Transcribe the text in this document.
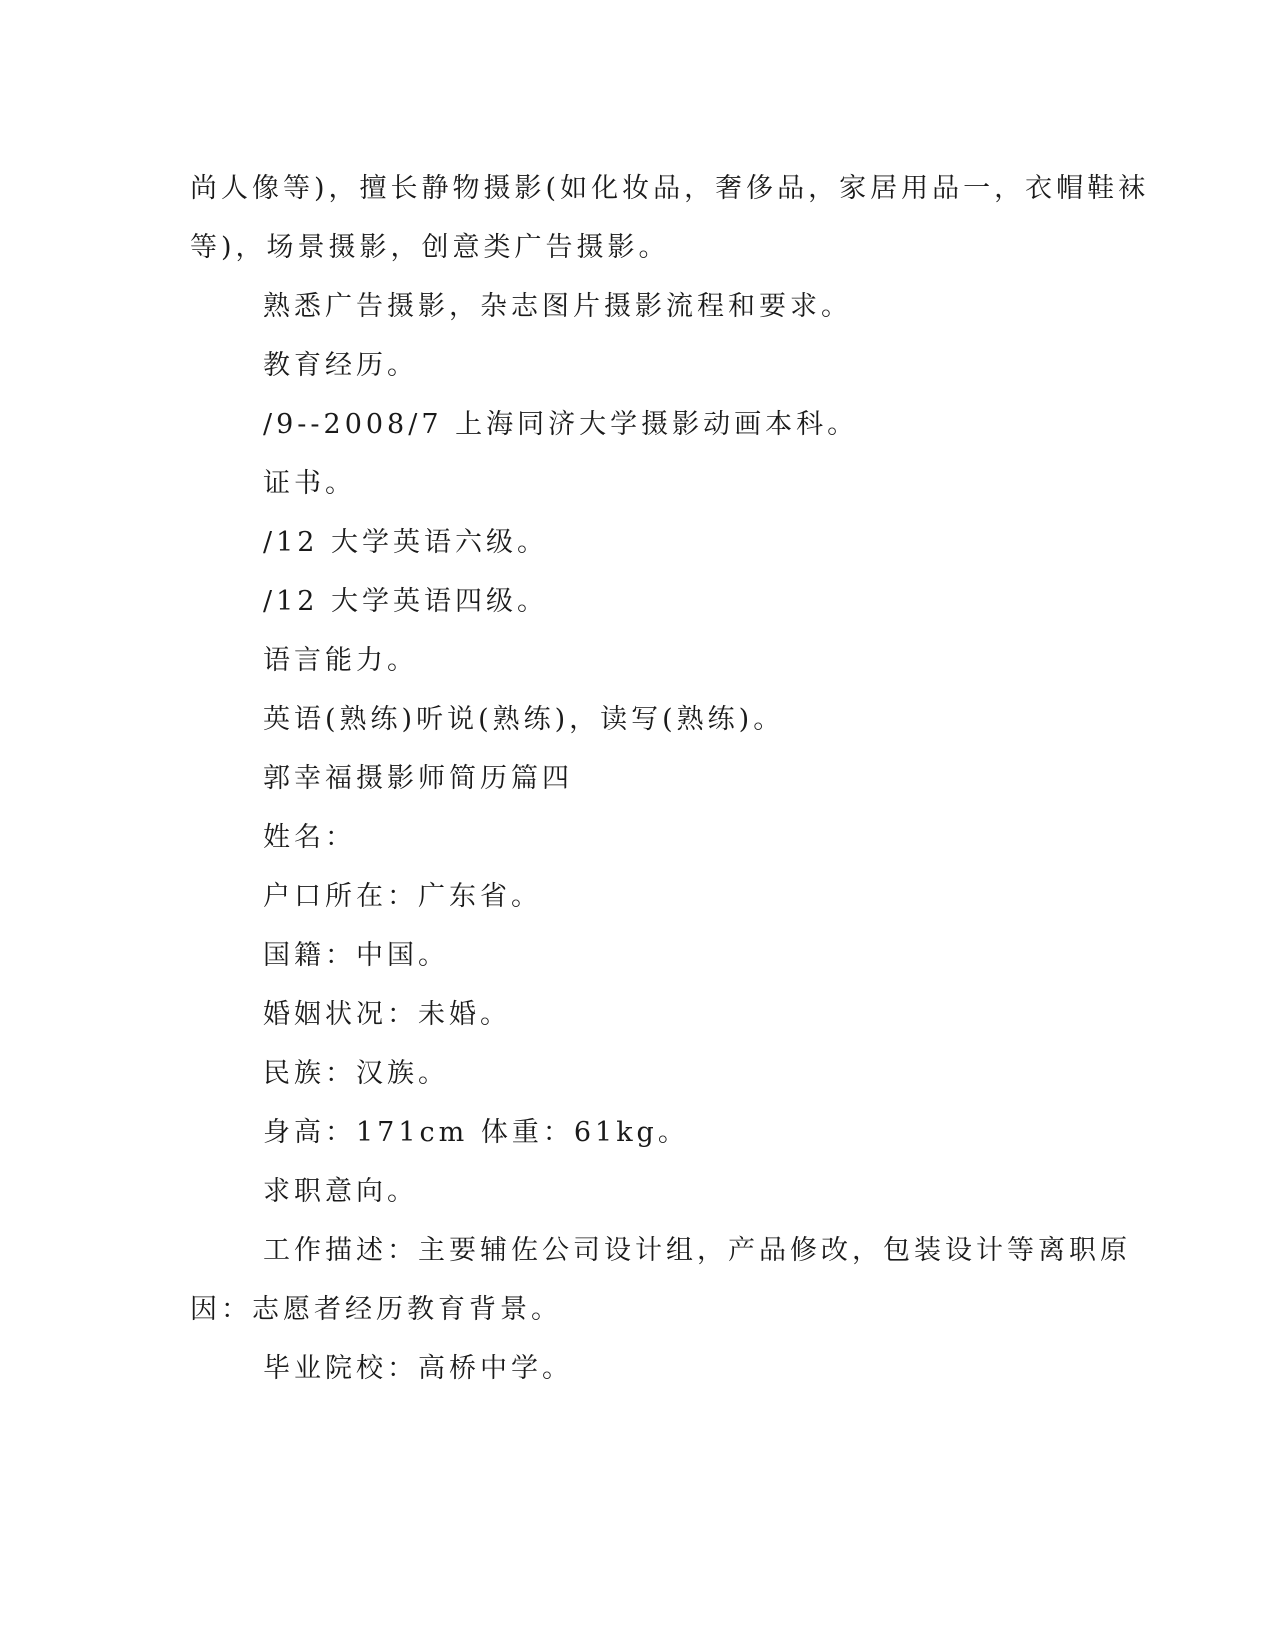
尚人像等)，擅长静物摄影(如化妆品，奢侈品，家居用品一，衣帽鞋袜
等)，场景摄影，创意类广告摄影。
熟悉广告摄影，杂志图片摄影流程和要求。
教育经历。
/9--2008/7 上海同济大学摄影动画本科。
证书。
/12 大学英语六级。
/12 大学英语四级。
语言能力。
英语(熟练)听说(熟练)，读写(熟练)。
郭幸福摄影师简历篇四
姓名：
户口所在：广东省。
国籍：中国。
婚姻状况：未婚。
民族：汉族。
身高：171cm 体重：61kg。
求职意向。
工作描述：主要辅佐公司设计组，产品修改，包装设计等离职原
因：志愿者经历教育背景。
毕业院校：高桥中学。
